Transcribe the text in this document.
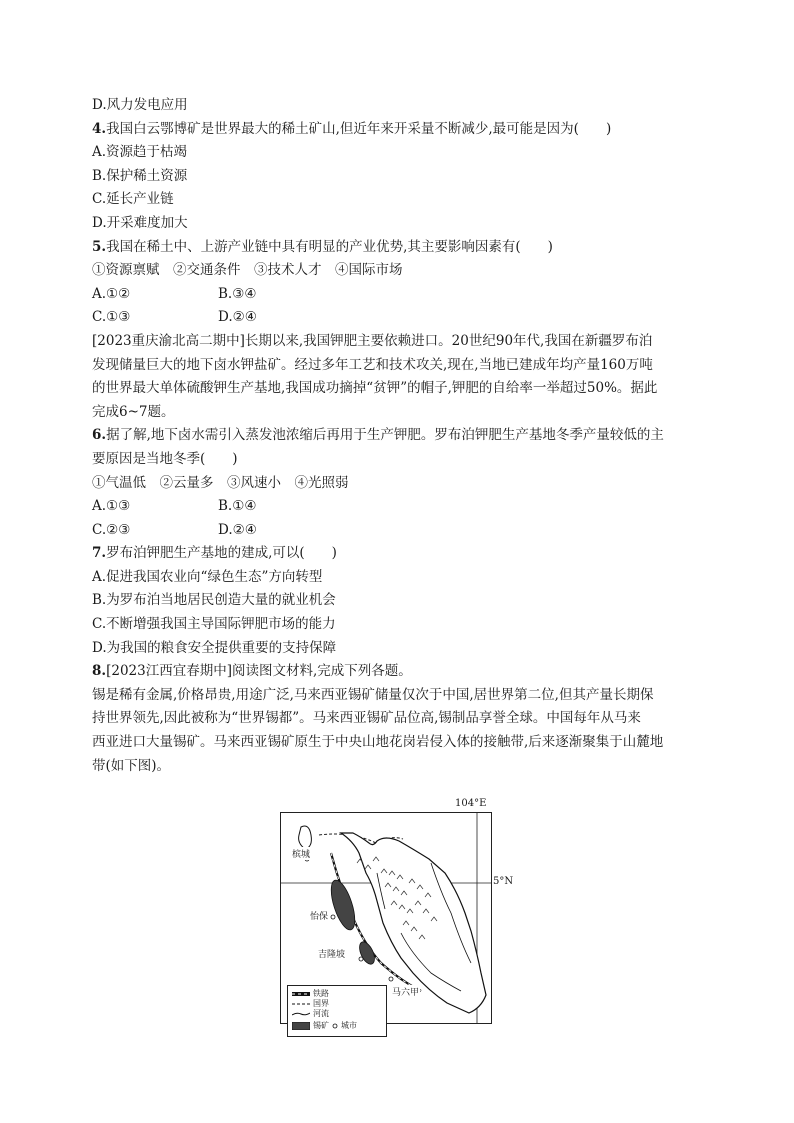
D.风力发电应用
4.我国白云鄂博矿是世界最大的稀土矿山,但近年来开采量不断减少,最可能是因为(　　)
A.资源趋于枯竭
B.保护稀土资源
C.延长产业链
D.开采难度加大
5.我国在稀土中、上游产业链中具有明显的产业优势,其主要影响因素有(　　)
①资源禀赋　②交通条件　③技术人才　④国际市场
A.①②	B.③④
C.①③	D.②④
[2023重庆渝北高二期中]长期以来,我国钾肥主要依赖进口。20世纪90年代,我国在新疆罗布泊
发现储量巨大的地下卤水钾盐矿。经过多年工艺和技术攻关,现在,当地已建成年均产量160万吨
的世界最大单体硫酸钾生产基地,我国成功摘掉“贫钾”的帽子,钾肥的自给率一举超过50%。据此
完成6~7题。
6.据了解,地下卤水需引入蒸发池浓缩后再用于生产钾肥。罗布泊钾肥生产基地冬季产量较低的主
要原因是当地冬季(　　)
①气温低　②云量多　③风速小　④光照弱
A.①③	B.①④
C.②③	D.②④
7.罗布泊钾肥生产基地的建成,可以(　　)
A.促进我国农业向“绿色生态”方向转型
B.为罗布泊当地居民创造大量的就业机会
C.不断增强我国主导国际钾肥市场的能力
D.为我国的粮食安全提供重要的支持保障
8.[2023江西宜春期中]阅读图文材料,完成下列各题。
锡是稀有金属,价格昂贵,用途广泛,马来西亚锡矿储量仅次于中国,居世界第二位,但其产量长期保
持世界领先,因此被称为“世界锡都”。马来西亚锡矿品位高,锡制品享誉全球。中国每年从马来
西亚进口大量锡矿。马来西亚锡矿原生于中央山地花岗岩侵入体的接触带,后来逐渐聚集于山麓地
带(如下图)。
104°E
5°N
槟城
怡保
吉隆坡
马六甲
铁路
国界
河流
锡矿 城市
